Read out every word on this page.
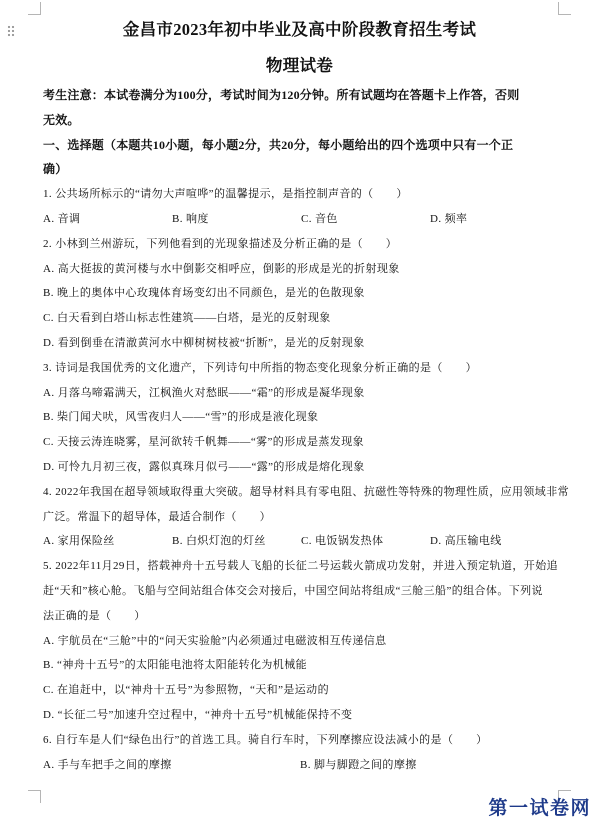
金昌市2023年初中毕业及高中阶段教育招生考试
物理试卷
考生注意：本试卷满分为100分，考试时间为120分钟。所有试题均在答题卡上作答，否则
无效。
一、选择题（本题共10小题，每小题2分，共20分，每小题给出的四个选项中只有一个正
确）
1. 公共场所标示的“请勿大声喧哗”的温馨提示，是指控制声音的（　　）
A. 音调	B. 响度	C. 音色	D. 频率
2. 小林到兰州游玩，下列他看到的光现象描述及分析正确的是（　　）
A. 高大挺拔的黄河楼与水中倒影交相呼应，倒影的形成是光的折射现象
B. 晚上的奥体中心玫瑰体育场变幻出不同颜色，是光的色散现象
C. 白天看到白塔山标志性建筑——白塔，是光的反射现象
D. 看到倒垂在清澈黄河水中柳树树枝被“折断”，是光的反射现象
3. 诗词是我国优秀的文化遗产，下列诗句中所指的物态变化现象分析正确的是（　　）
A. 月落乌啼霜满天，江枫渔火对愁眠——“霜”的形成是凝华现象
B. 柴门闻犬吠，风雪夜归人——“雪”的形成是液化现象
C. 天接云涛连晓雾，星河欲转千帆舞——“雾”的形成是蒸发现象
D. 可怜九月初三夜，露似真珠月似弓——“露”的形成是熔化现象
4. 2022年我国在超导领域取得重大突破。超导材料具有零电阻、抗磁性等特殊的物理性质，应用领域非常
广泛。常温下的超导体，最适合制作（　　）
A. 家用保险丝	B. 白炽灯泡的灯丝	C. 电饭锅发热体	D. 高压输电线
5. 2022年11月29日，搭载神舟十五号载人飞船的长征二号运载火箭成功发射，并进入预定轨道，开始追
赶“天和”核心舱。飞船与空间站组合体交会对接后，中国空间站将组成“三舱三船”的组合体。下列说
法正确的是（　　）
A. 宇航员在“三舱”中的“问天实验舱”内必须通过电磁波相互传递信息
B. “神舟十五号”的太阳能电池将太阳能转化为机械能
C. 在追赶中，以“神舟十五号”为参照物，“天和”是运动的
D. “长征二号”加速升空过程中，“神舟十五号”机械能保持不变
6. 自行车是人们“绿色出行”的首选工具。骑自行车时，下列摩擦应设法减小的是（　　）
A. 手与车把手之间的摩擦	B. 脚与脚蹬之间的摩擦
第一试卷网
